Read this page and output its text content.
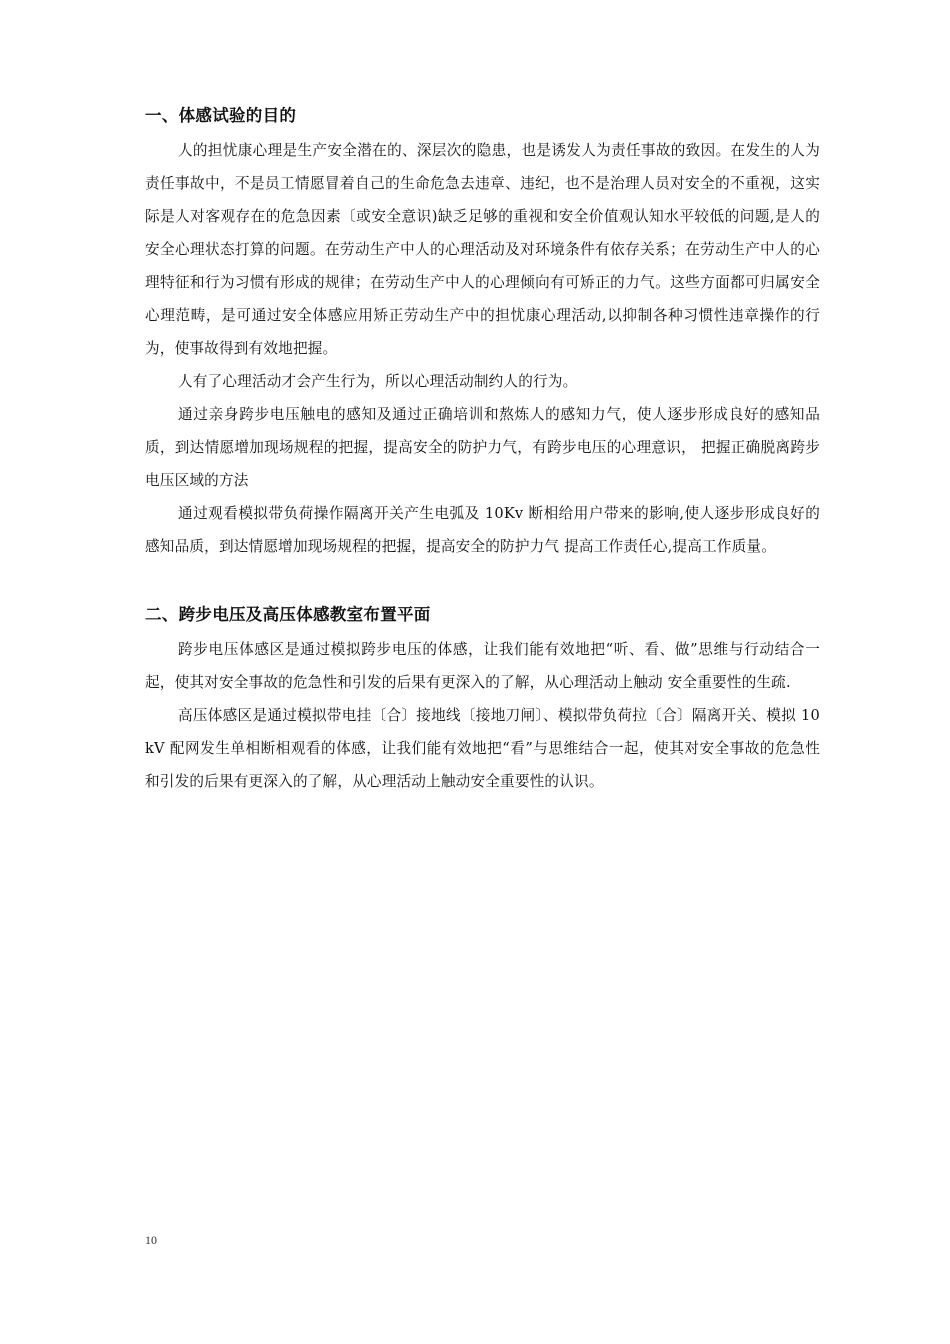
一、体感试验的目的

人的担忧康心理是生产安全潜在的、深层次的隐患，也是诱发人为责任事故的致因。在发生的人为责任事故中，不是员工情愿冒着自己的生命危急去违章、违纪，也不是治理人员对安全的不重视，这实际是人对客观存在的危急因素〔或安全意识)缺乏足够的重视和安全价值观认知水平较低的问题,是人的安全心理状态打算的问题。在劳动生产中人的心理活动及对环境条件有依存关系；在劳动生产中人的心理特征和行为习惯有形成的规律；在劳动生产中人的心理倾向有可矫正的力气。这些方面都可归属安全心理范畴，是可通过安全体感应用矫正劳动生产中的担忧康心理活动,以抑制各种习惯性违章操作的行为，使事故得到有效地把握。

人有了心理活动才会产生行为，所以心理活动制约人的行为。

通过亲身跨步电压触电的感知及通过正确培训和熬炼人的感知力气，使人逐步形成良好的感知品质，到达情愿增加现场规程的把握，提高安全的防护力气，有跨步电压的心理意识， 把握正确脱离跨步电压区域的方法

通过观看模拟带负荷操作隔离开关产生电弧及 10Kv 断相给用户带来的影响,使人逐步形成良好的感知品质，到达情愿增加现场规程的把握，提高安全的防护力气 提高工作责任心,提高工作质量。

二、跨步电压及高压体感教室布置平面

跨步电压体感区是通过模拟跨步电压的体感，让我们能有效地把“听、看、做”思维与行动结合一起，使其对安全事故的危急性和引发的后果有更深入的了解，从心理活动上触动 安全重要性的生疏.

高压体感区是通过模拟带电挂〔合〕接地线〔接地刀闸〕、模拟带负荷拉〔合〕隔离开关、模拟 10kV 配网发生单相断相观看的体感，让我们能有效地把“看”与思维结合一起，使其对安全事故的危急性和引发的后果有更深入的了解，从心理活动上触动安全重要性的认识。

10
